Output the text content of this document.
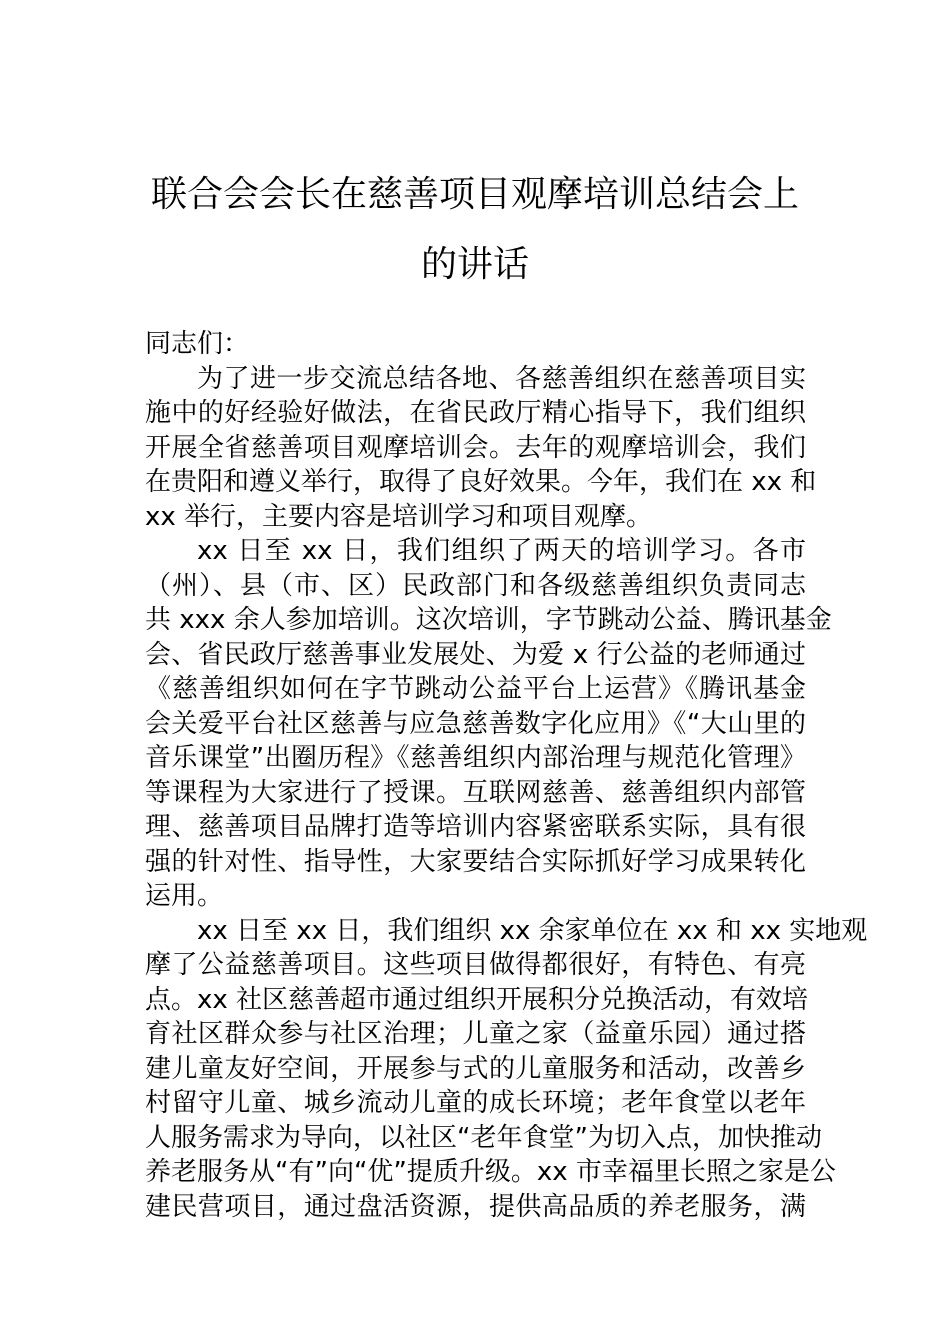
联合会会长在慈善项目观摩培训总结会上
的讲话
同志们：
为了进一步交流总结各地、各慈善组织在慈善项目实
施中的好经验好做法，在省民政厅精心指导下，我们组织
开展全省慈善项目观摩培训会。去年的观摩培训会，我们
在贵阳和遵义举行，取得了良好效果。今年，我们在 xx 和
xx 举行，主要内容是培训学习和项目观摩。
xx 日至 xx 日，我们组织了两天的培训学习。各市
（州）、县（市、区）民政部门和各级慈善组织负责同志
共 xxx 余人参加培训。这次培训，字节跳动公益、腾讯基金
会、省民政厅慈善事业发展处、为爱 x 行公益的老师通过
《慈善组织如何在字节跳动公益平台上运营》《腾讯基金
会关爱平台社区慈善与应急慈善数字化应用》《“大山里的
音乐课堂”出圈历程》《慈善组织内部治理与规范化管理》
等课程为大家进行了授课。互联网慈善、慈善组织内部管
理、慈善项目品牌打造等培训内容紧密联系实际，具有很
强的针对性、指导性，大家要结合实际抓好学习成果转化
运用。
xx 日至 xx 日，我们组织 xx 余家单位在 xx 和 xx 实地观
摩了公益慈善项目。这些项目做得都很好，有特色、有亮
点。xx 社区慈善超市通过组织开展积分兑换活动，有效培
育社区群众参与社区治理；儿童之家（益童乐园）通过搭
建儿童友好空间，开展参与式的儿童服务和活动，改善乡
村留守儿童、城乡流动儿童的成长环境；老年食堂以老年
人服务需求为导向，以社区“老年食堂”为切入点，加快推动
养老服务从“有”向“优”提质升级。xx 市幸福里长照之家是公
建民营项目，通过盘活资源，提供高品质的养老服务，满
